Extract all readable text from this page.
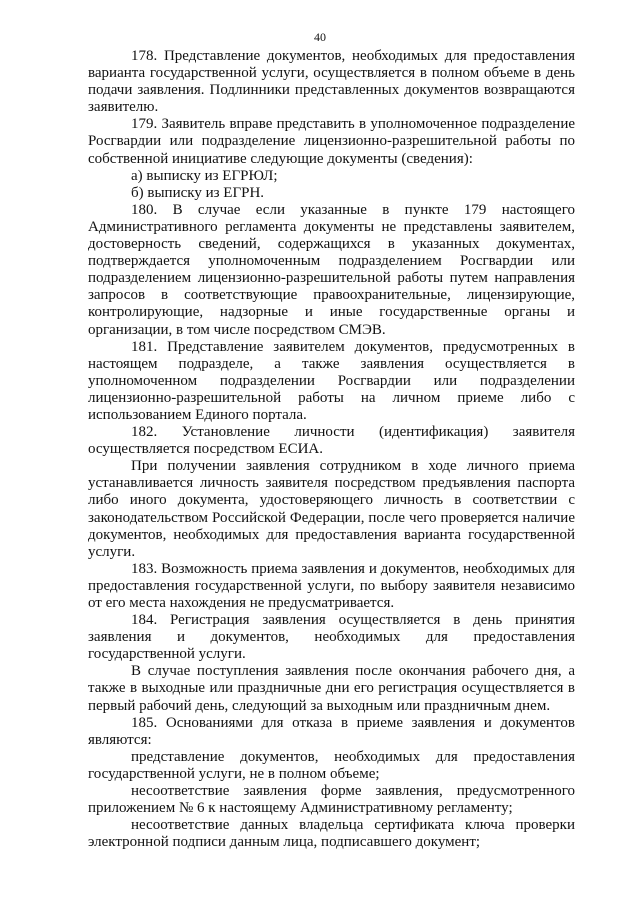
40

178. Представление документов, необходимых для предоставления варианта государственной услуги, осуществляется в полном объеме в день подачи заявления. Подлинники представленных документов возвращаются заявителю.

179. Заявитель вправе представить в уполномоченное подразделение Росгвардии или подразделение лицензионно-разрешительной работы по собственной инициативе следующие документы (сведения):

а) выписку из ЕГРЮЛ;

б) выписку из ЕГРН.

180. В случае если указанные в пункте 179 настоящего Административного регламента документы не представлены заявителем, достоверность сведений, содержащихся в указанных документах, подтверждается уполномоченным подразделением Росгвардии или подразделением лицензионно-разрешительной работы путем направления запросов в соответствующие правоохранительные, лицензирующие, контролирующие, надзорные и иные государственные органы и организации, в том числе посредством СМЭВ.

181. Представление заявителем документов, предусмотренных в настоящем подразделе, а также заявления осуществляется в уполномоченном подразделении Росгвардии или подразделении лицензионно-разрешительной работы на личном приеме либо с использованием Единого портала.

182. Установление личности (идентификация) заявителя осуществляется посредством ЕСИА.

При получении заявления сотрудником в ходе личного приема устанавливается личность заявителя посредством предъявления паспорта либо иного документа, удостоверяющего личность в соответствии с законодательством Российской Федерации, после чего проверяется наличие документов, необходимых для предоставления варианта государственной услуги.

183. Возможность приема заявления и документов, необходимых для предоставления государственной услуги, по выбору заявителя независимо от его места нахождения не предусматривается.

184. Регистрация заявления осуществляется в день принятия заявления и документов, необходимых для предоставления государственной услуги.

В случае поступления заявления после окончания рабочего дня, а также в выходные или праздничные дни его регистрация осуществляется в первый рабочий день, следующий за выходным или праздничным днем.

185. Основаниями для отказа в приеме заявления и документов являются:

представление документов, необходимых для предоставления государственной услуги, не в полном объеме;

несоответствие заявления форме заявления, предусмотренного приложением № 6 к настоящему Административному регламенту;

несоответствие данных владельца сертификата ключа проверки электронной подписи данным лица, подписавшего документ;
